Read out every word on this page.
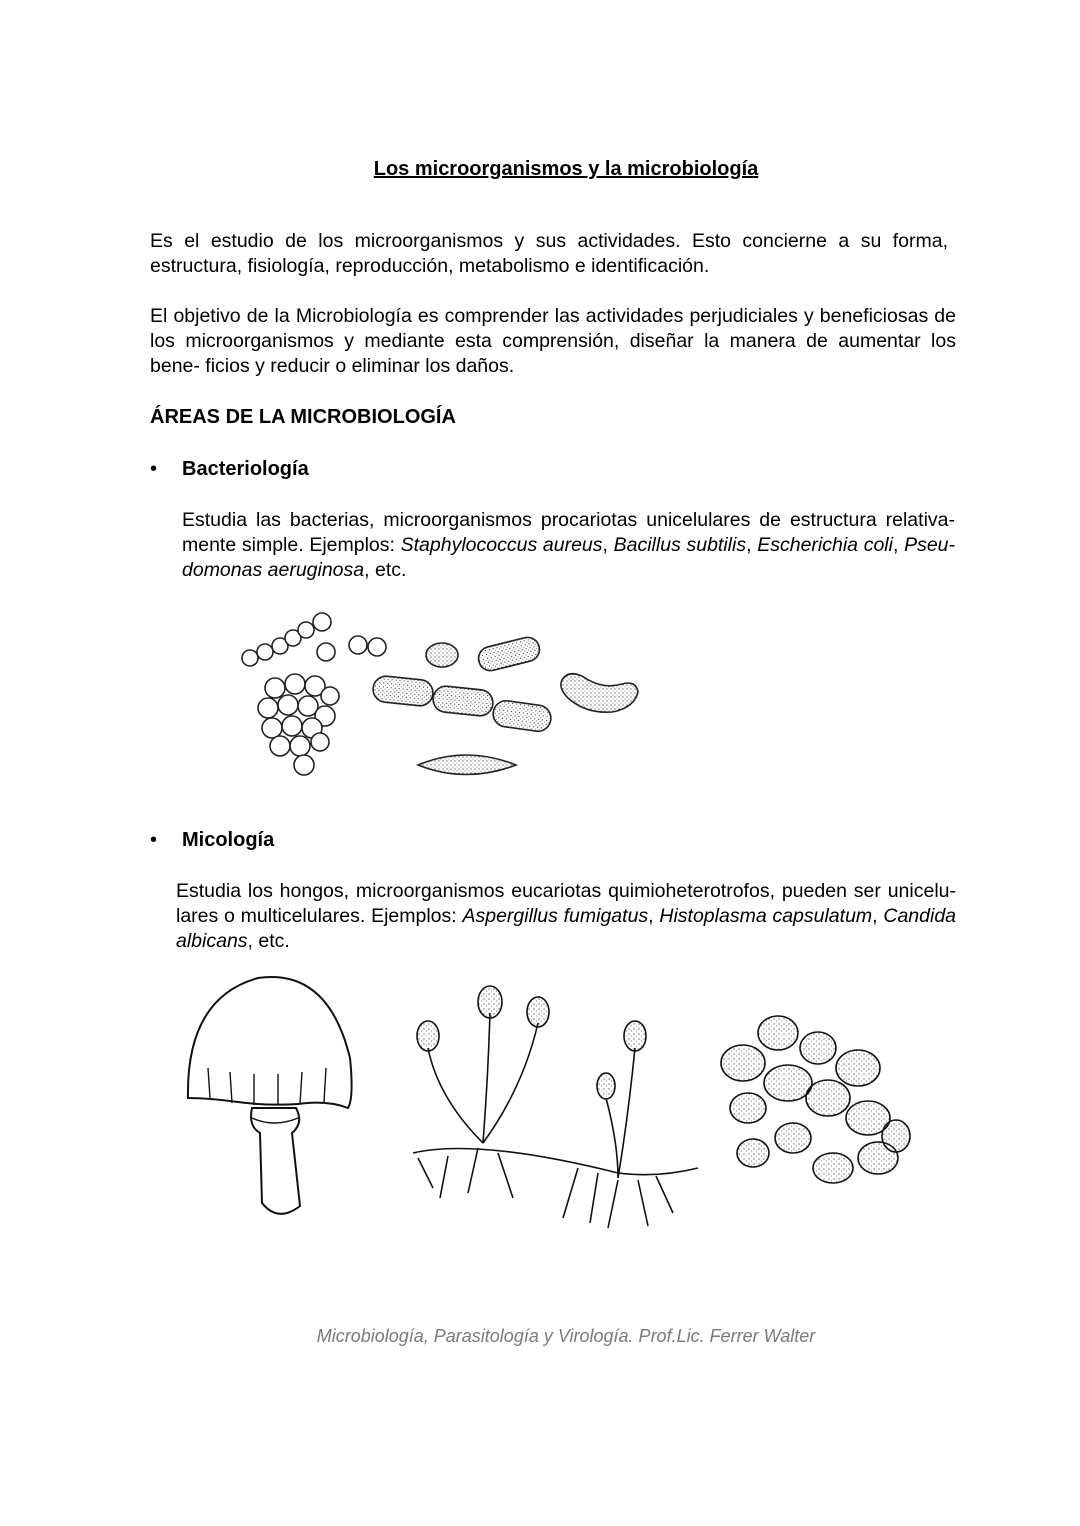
Los microorganismos y la microbiología
Es el estudio de los microorganismos y sus actividades. Esto concierne a su forma, estructura, fisiología, reproducción, metabolismo e identificación.
El objetivo de la Microbiología es comprender las actividades perjudiciales y beneficiosas de los microorganismos y mediante esta comprensión, diseñar la manera de aumentar los bene- ficios y reducir o eliminar los daños.
ÁREAS DE LA MICROBIOLOGÍA
• Bacteriología
Estudia las bacterias, microorganismos procariotas unicelulares de estructura relativa- mente simple. Ejemplos: Staphylococcus aureus, Bacillus subtilis, Escherichia coli, Pseu- domonas aeruginosa, etc.
• Micología
Estudia los hongos, microorganismos eucariotas quimioheterotrofos, pueden ser unicelu- lares o multicelulares. Ejemplos: Aspergillus fumigatus, Histoplasma capsulatum, Candida albicans, etc.
Microbiología, Parasitología y Virología. Prof.Lic. Ferrer Walter
